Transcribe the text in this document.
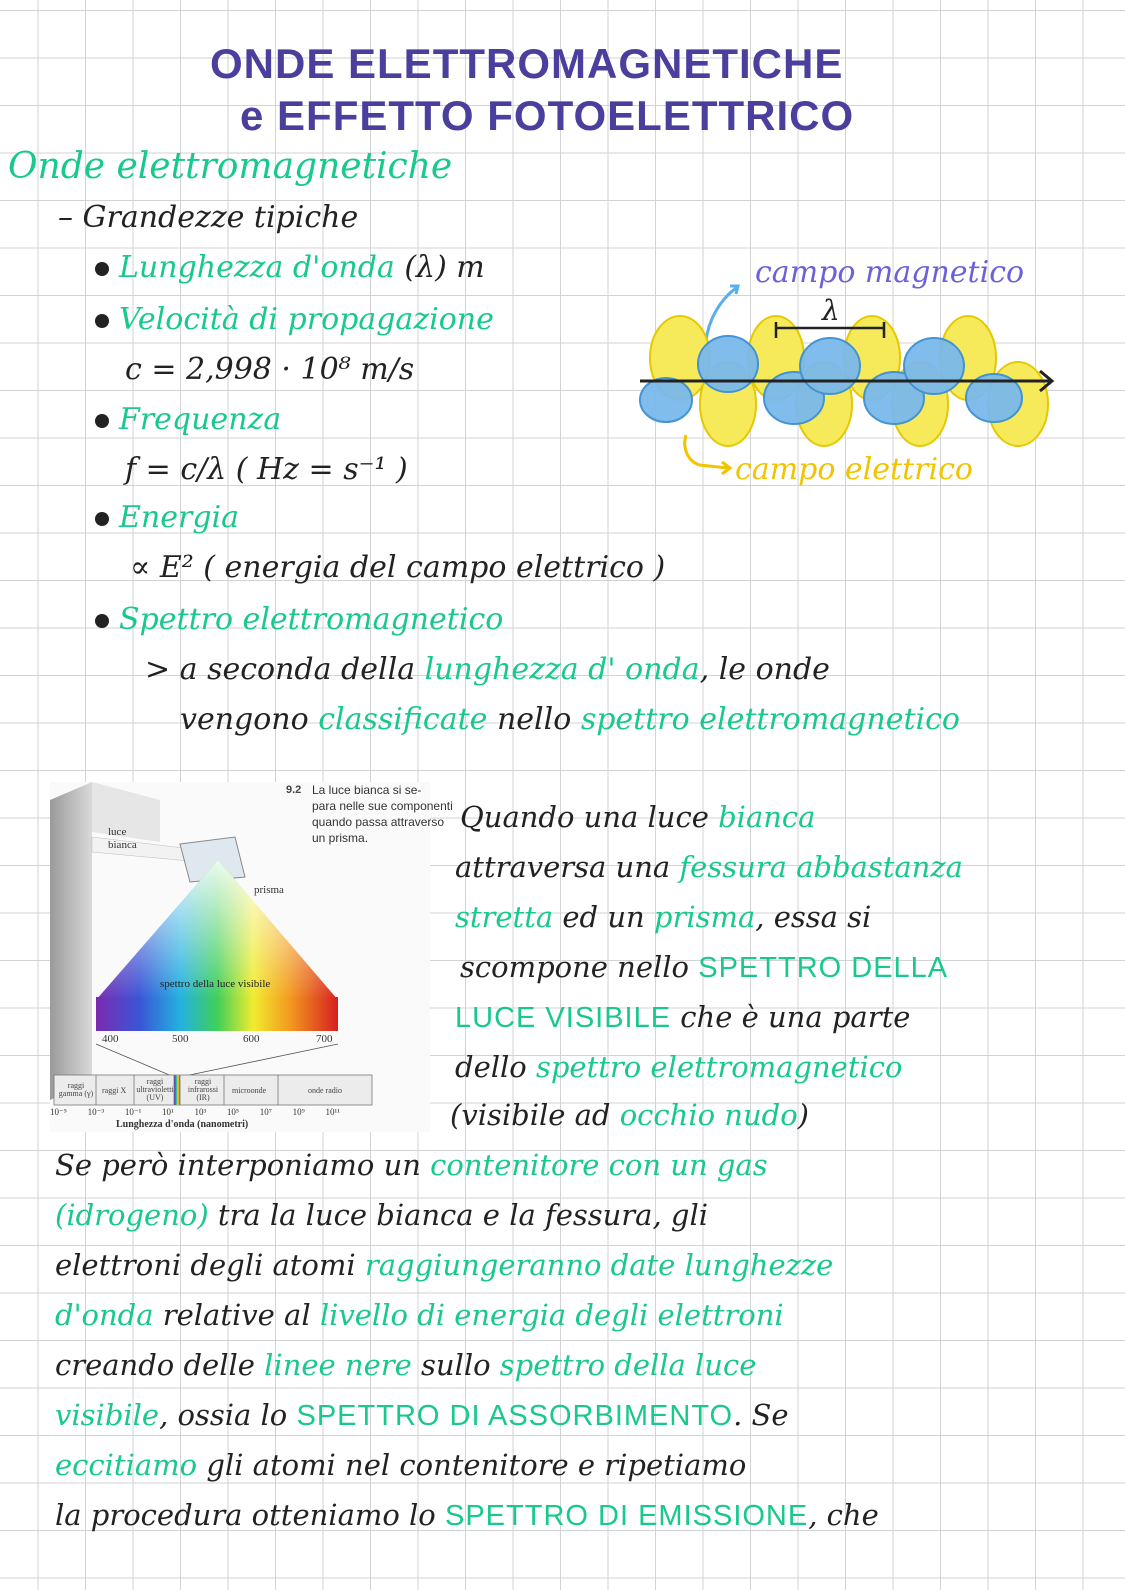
ONDE ELETTROMAGNETICHE
e EFFETTO FOTOELETTRICO
Onde elettromagnetiche
– Grandezze tipiche
Lunghezza d'onda (λ) m
Velocità di propagazione
c = 2,998 · 10⁸ m/s
Frequenza
f = c/λ ( Hz = s⁻¹ )
Energia
∝ E² ( energia del campo elettrico )
Spettro elettromagnetico
> a seconda della lunghezza d' onda, le onde
vengono classificate nello spettro elettromagnetico
campo magnetico
campo elettrico
λ
9.2 La luce bianca si se-
para nelle sue componenti
quando passa attraverso
un prisma.
luce
bianca
prisma
spettro della luce visibile
400	500	600	700
raggi gamma (γ) raggi X
raggi ultravioletti (UV)
raggi infrarossi (IR)
microonde	onde radio
10⁻⁵ 10⁻³ 10⁻¹ 10¹ 10³ 10⁵ 10⁷ 10⁹ 10¹¹
Lunghezza d'onda (nanometri)
Quando una luce bianca
attraversa una fessura abbastanza
stretta ed un prisma, essa si
scompone nello SPETTRO DELLA
LUCE VISIBILE che è una parte
dello spettro elettromagnetico
(visibile ad occhio nudo)
Se però interponiamo un contenitore con un gas
(idrogeno) tra la luce bianca e la fessura, gli
elettroni degli atomi raggiungeranno date lunghezze
d'onda relative al livello di energia degli elettroni
creando delle linee nere sullo spettro della luce
visibile, ossia lo SPETTRO DI ASSORBIMENTO. Se
eccitiamo gli atomi nel contenitore e ripetiamo
la procedura otteniamo lo SPETTRO DI EMISSIONE, che
